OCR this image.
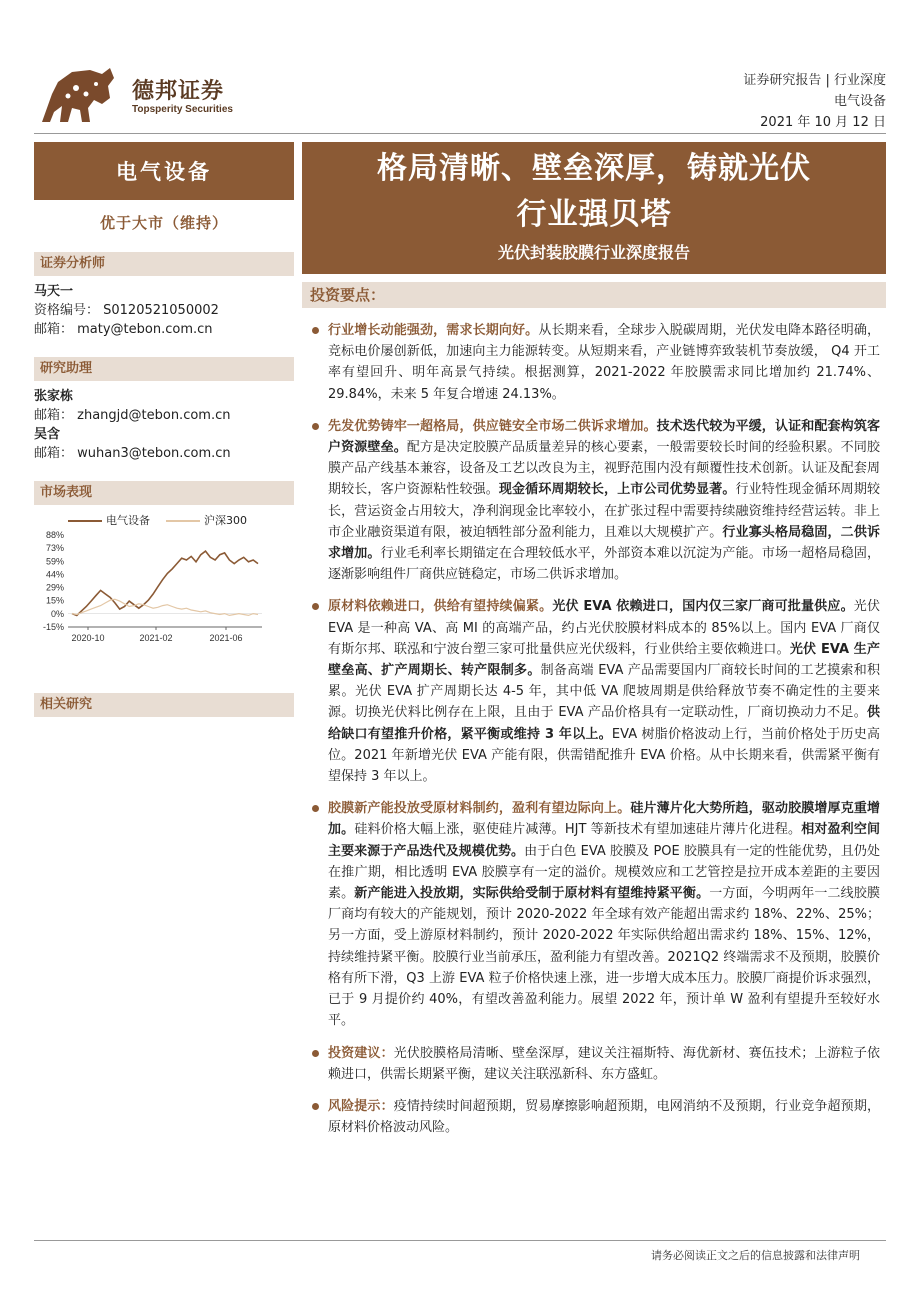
德邦证券
Topsperity Securities
证券研究报告 | 行业深度
电气设备
2021 年 10 月 12 日
电气设备
优于大市（维持）
证券分析师
马天一
资格编号： S0120521050002
邮箱： maty@tebon.com.cn
研究助理
张家栋
邮箱： zhangjd@tebon.com.cn
吴含
邮箱： wuhan3@tebon.com.cn
市场表现
电气设备	沪深300
88%
73%
59%
44%
29%
15%
0%
-15%
2020-10	2021-02	2021-06
相关研究
格局清晰、壁垒深厚，铸就光伏
行业强贝塔
光伏封装胶膜行业深度报告
投资要点：
行业增长动能强劲，需求长期向好。从长期来看，全球步入脱碳周期，光伏发电降本路径明确，竞标电价屡创新低，加速向主力能源转变。从短期来看，产业链博弈致装机节奏放缓， Q4 开工率有望回升、明年高景气持续。根据测算，2021-2022 年胶膜需求同比增加约 21.74%、29.84%，未来 5 年复合增速 24.13%。
先发优势铸牢一超格局，供应链安全市场二供诉求增加。技术迭代较为平缓，认证和配套构筑客户资源壁垒。配方是决定胶膜产品质量差异的核心要素，一般需要较长时间的经验积累。不同胶膜产品产线基本兼容，设备及工艺以改良为主，视野范围内没有颠覆性技术创新。认证及配套周期较长，客户资源粘性较强。现金循环周期较长，上市公司优势显著。行业特性现金循环周期较长，营运资金占用较大，净利润现金比率较小，在扩张过程中需要持续融资维持经营运转。非上市企业融资渠道有限，被迫牺牲部分盈利能力，且难以大规模扩产。行业寡头格局稳固，二供诉求增加。行业毛利率长期锚定在合理较低水平，外部资本难以沉淀为产能。市场一超格局稳固，逐渐影响组件厂商供应链稳定，市场二供诉求增加。
原材料依赖进口，供给有望持续偏紧。光伏 EVA 依赖进口，国内仅三家厂商可批量供应。光伏 EVA 是一种高 VA、高 MI 的高端产品，约占光伏胶膜材料成本的 85%以上。国内 EVA 厂商仅有斯尔邦、联泓和宁波台塑三家可批量供应光伏级料，行业供给主要依赖进口。光伏 EVA 生产壁垒高、扩产周期长、转产限制多。制备高端 EVA 产品需要国内厂商较长时间的工艺摸索和积累。光伏 EVA 扩产周期长达 4-5 年，其中低 VA 爬坡周期是供给释放节奏不确定性的主要来源。切换光伏料比例存在上限，且由于 EVA 产品价格具有一定联动性，厂商切换动力不足。供给缺口有望推升价格，紧平衡或维持 3 年以上。EVA 树脂价格波动上行，当前价格处于历史高位。2021 年新增光伏 EVA 产能有限，供需错配推升 EVA 价格。从中长期来看，供需紧平衡有望保持 3 年以上。
胶膜新产能投放受原材料制约，盈利有望边际向上。硅片薄片化大势所趋，驱动胶膜增厚克重增加。硅料价格大幅上涨，驱使硅片减薄。HJT 等新技术有望加速硅片薄片化进程。相对盈利空间主要来源于产品迭代及规模优势。由于白色 EVA 胶膜及 POE 胶膜具有一定的性能优势，且仍处在推广期，相比透明 EVA 胶膜享有一定的溢价。规模效应和工艺管控是拉开成本差距的主要因素。新产能进入投放期，实际供给受制于原材料有望维持紧平衡。一方面，今明两年一二线胶膜厂商均有较大的产能规划，预计 2020-2022 年全球有效产能超出需求约 18%、22%、25%；另一方面，受上游原材料制约，预计 2020-2022 年实际供给超出需求约 18%、15%、12%，持续维持紧平衡。胶膜行业当前承压，盈利能力有望改善。2021Q2 终端需求不及预期，胶膜价格有所下滑，Q3 上游 EVA 粒子价格快速上涨，进一步增大成本压力。胶膜厂商提价诉求强烈，已于 9 月提价约 40%，有望改善盈利能力。展望 2022 年，预计单 W 盈利有望提升至较好水平。
投资建议：光伏胶膜格局清晰、壁垒深厚，建议关注福斯特、海优新材、赛伍技术；上游粒子依赖进口，供需长期紧平衡，建议关注联泓新科、东方盛虹。
风险提示：疫情持续时间超预期，贸易摩擦影响超预期，电网消纳不及预期，行业竞争超预期，原材料价格波动风险。
请务必阅读正文之后的信息披露和法律声明
